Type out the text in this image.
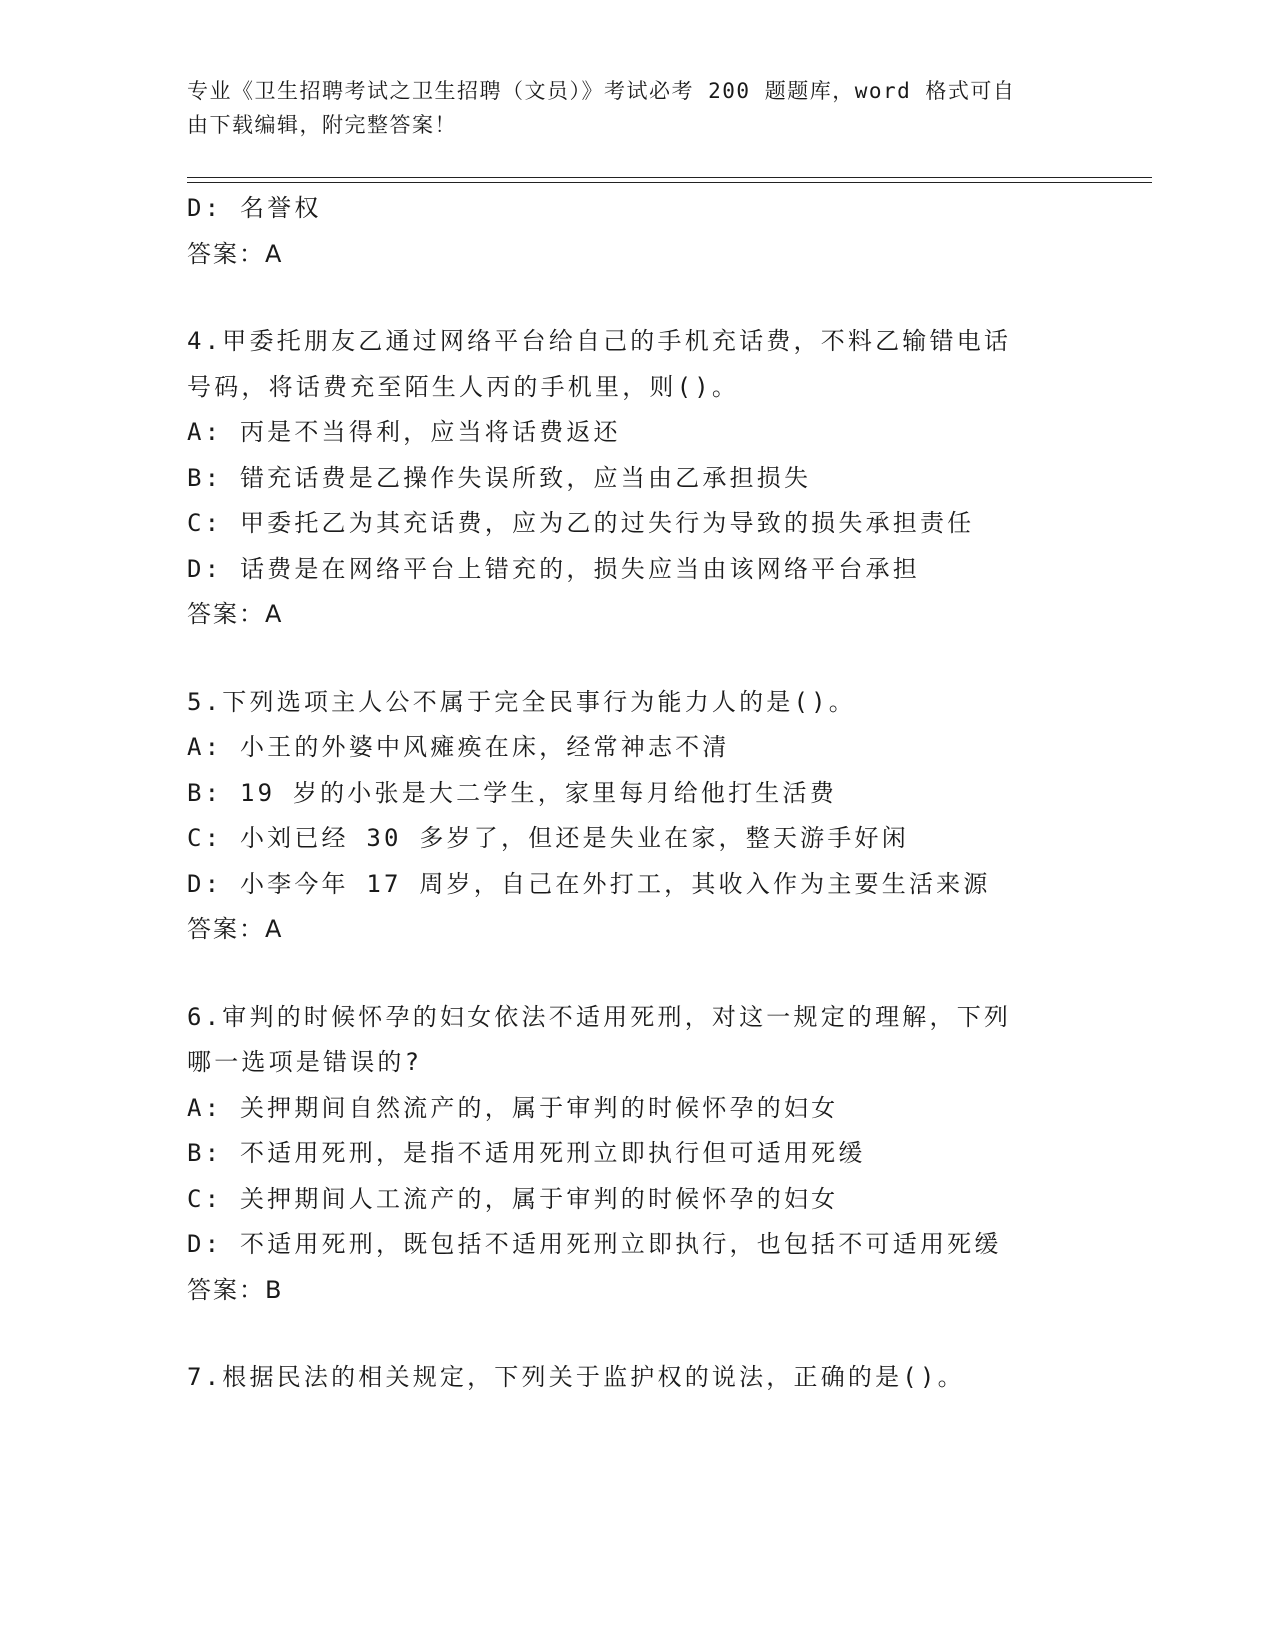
专业《卫生招聘考试之卫生招聘（文员）》考试必考 200 题题库，word 格式可自
由下载编辑，附完整答案！
D: 名誉权
答案：A
4.甲委托朋友乙通过网络平台给自己的手机充话费，不料乙输错电话
号码，将话费充至陌生人丙的手机里，则()。
A: 丙是不当得利，应当将话费返还
B: 错充话费是乙操作失误所致，应当由乙承担损失
C: 甲委托乙为其充话费，应为乙的过失行为导致的损失承担责任
D: 话费是在网络平台上错充的，损失应当由该网络平台承担
答案：A
5.下列选项主人公不属于完全民事行为能力人的是()。
A: 小王的外婆中风瘫痪在床，经常神志不清
B: 19 岁的小张是大二学生，家里每月给他打生活费
C: 小刘已经 30 多岁了，但还是失业在家，整天游手好闲
D: 小李今年 17 周岁，自己在外打工，其收入作为主要生活来源
答案：A
6.审判的时候怀孕的妇女依法不适用死刑，对这一规定的理解，下列
哪一选项是错误的?
A: 关押期间自然流产的，属于审判的时候怀孕的妇女
B: 不适用死刑，是指不适用死刑立即执行但可适用死缓
C: 关押期间人工流产的，属于审判的时候怀孕的妇女
D: 不适用死刑，既包括不适用死刑立即执行，也包括不可适用死缓
答案：B
7.根据民法的相关规定，下列关于监护权的说法，正确的是()。
